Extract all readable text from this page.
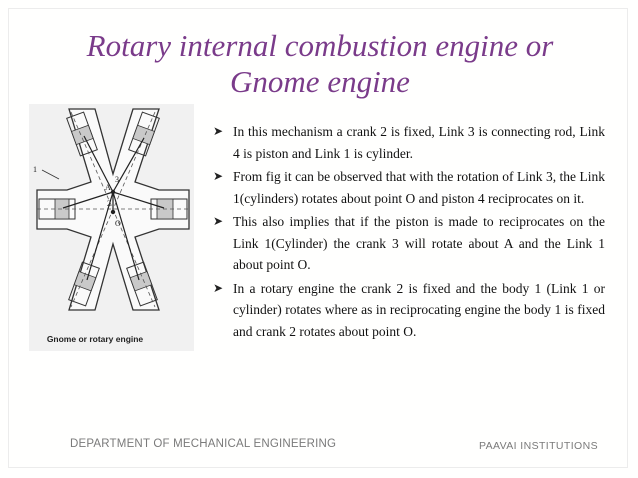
Rotary internal combustion engine or
Gnome engine
1
3
A
2
O
Gnome or rotary engine
➤ In this mechanism a crank 2 is fixed, Link 3 is connecting rod, Link 4 is piston and Link 1 is cylinder.
➤ From fig it can be observed that with the rotation of Link 3, the Link 1(cylinders) rotates about point O and piston 4 reciprocates on it.
➤ This also implies that if the piston is made to reciprocates on the Link 1(Cylinder) the crank 3 will rotate about A and the Link 1 about point O.
➤ In a rotary engine the crank 2 is fixed and the body 1 (Link 1 or cylinder) rotates where as in reciprocating engine the body 1 is fixed and crank 2 rotates about point O.
DEPARTMENT OF MECHANICAL ENGINEERING	PAAVAI INSTITUTIONS
